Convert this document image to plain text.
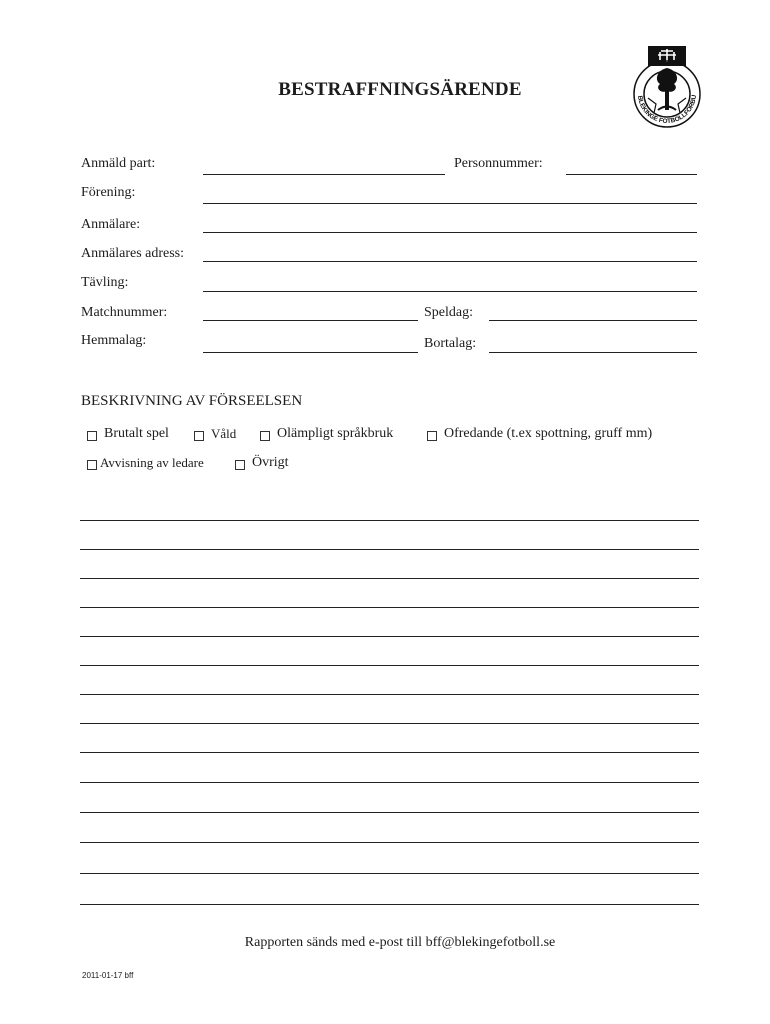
BLEKINGE FOTBOLLFÖRBU
BESTRAFFNINGSÄRENDE
Anmäld part:	Personnummer:
Förening:
Anmälare:
Anmälares adress:
Tävling:
Matchnummer:	Speldag:
Hemmalag:	Bortalag:
BESKRIVNING AV FÖRSEELSEN
Brutalt spel	Våld	Olämpligt språkbruk	Ofredande (t.ex spottning, gruff mm)
Avvisning av ledare	Övrigt
Rapporten sänds med e-post till bff@blekingefotboll.se
2011-01-17 bff
